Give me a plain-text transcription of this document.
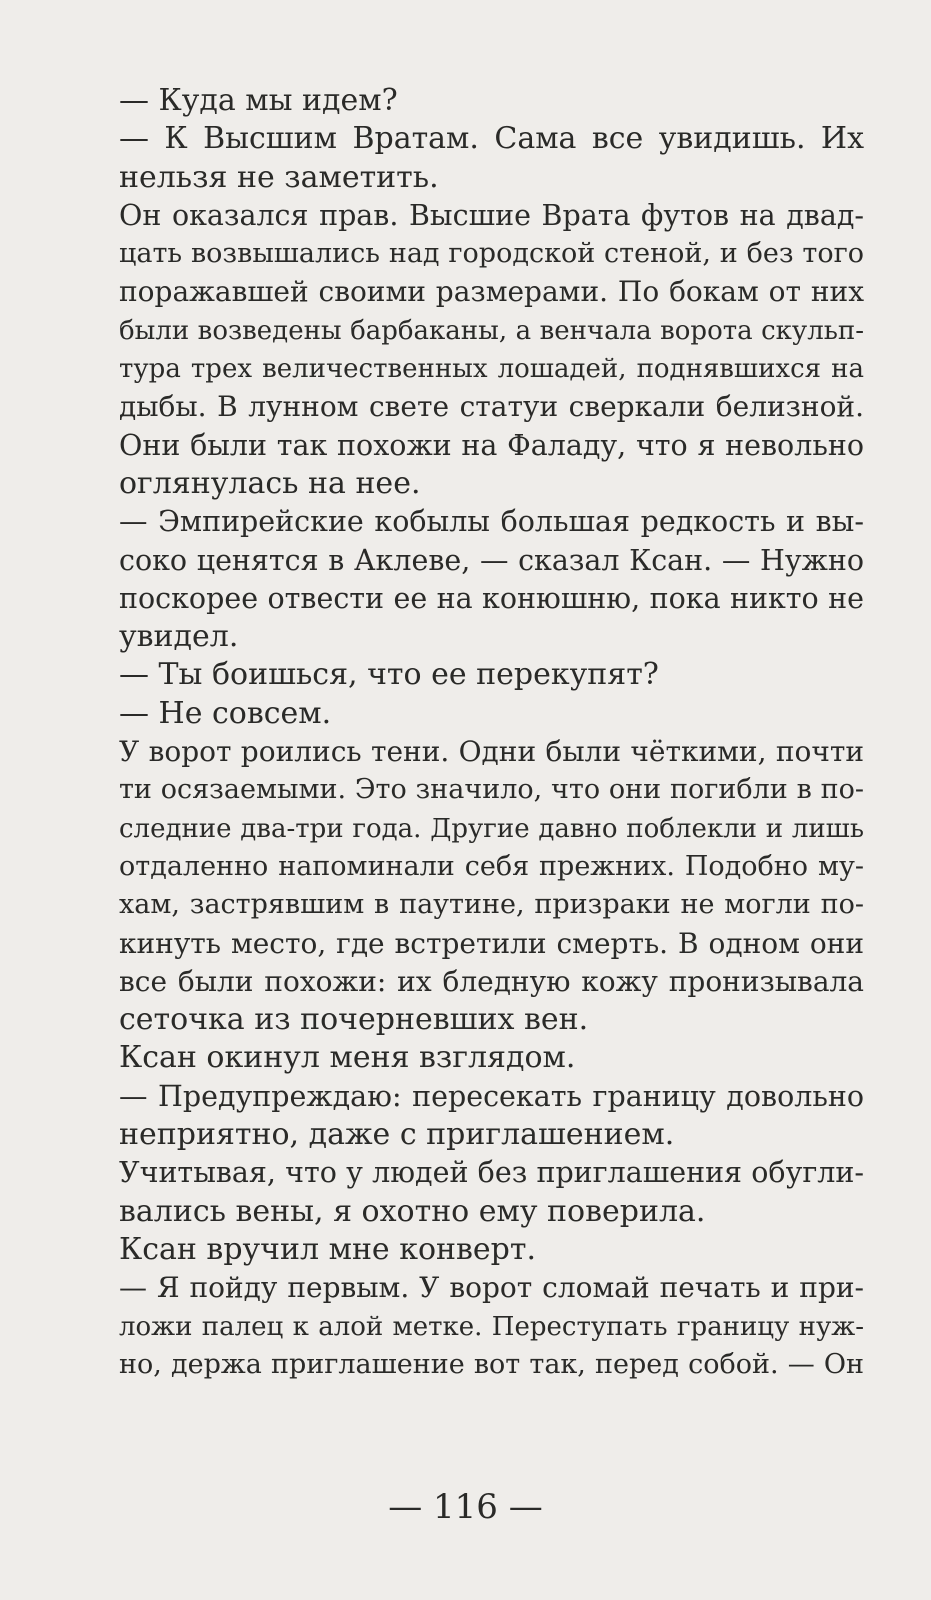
— Куда мы идем?
— К Высшим Вратам. Сама все увидишь. Их
нельзя не заметить.
Он оказался прав. Высшие Врата футов на двад-
цать возвышались над городской стеной, и без того
поражавшей своими размерами. По бокам от них
были возведены барбаканы, а венчала ворота скульп-
тура трех величественных лошадей, поднявшихся на
дыбы. В лунном свете статуи сверкали белизной.
Они были так похожи на Фаладу, что я невольно
оглянулась на нее.
— Эмпирейские кобылы большая редкость и вы-
соко ценятся в Аклеве, — сказал Ксан. — Нужно
поскорее отвести ее на конюшню, пока никто не
увидел.
— Ты боишься, что ее перекупят?
— Не совсем.
У ворот роились тени. Одни были чёткими, почти
ти осязаемыми. Это значило, что они погибли в по-
следние два-три года. Другие давно поблекли и лишь
отдаленно напоминали себя прежних. Подобно му-
хам, застрявшим в паутине, призраки не могли по-
кинуть место, где встретили смерть. В одном они
все были похожи: их бледную кожу пронизывала
сеточка из почерневших вен.
Ксан окинул меня взглядом.
— Предупреждаю: пересекать границу довольно
неприятно, даже с приглашением.
Учитывая, что у людей без приглашения обугли-
вались вены, я охотно ему поверила.
Ксан вручил мне конверт.
— Я пойду первым. У ворот сломай печать и при-
ложи палец к алой метке. Переступать границу нуж-
но, держа приглашение вот так, перед собой. — Он
— 116 —
